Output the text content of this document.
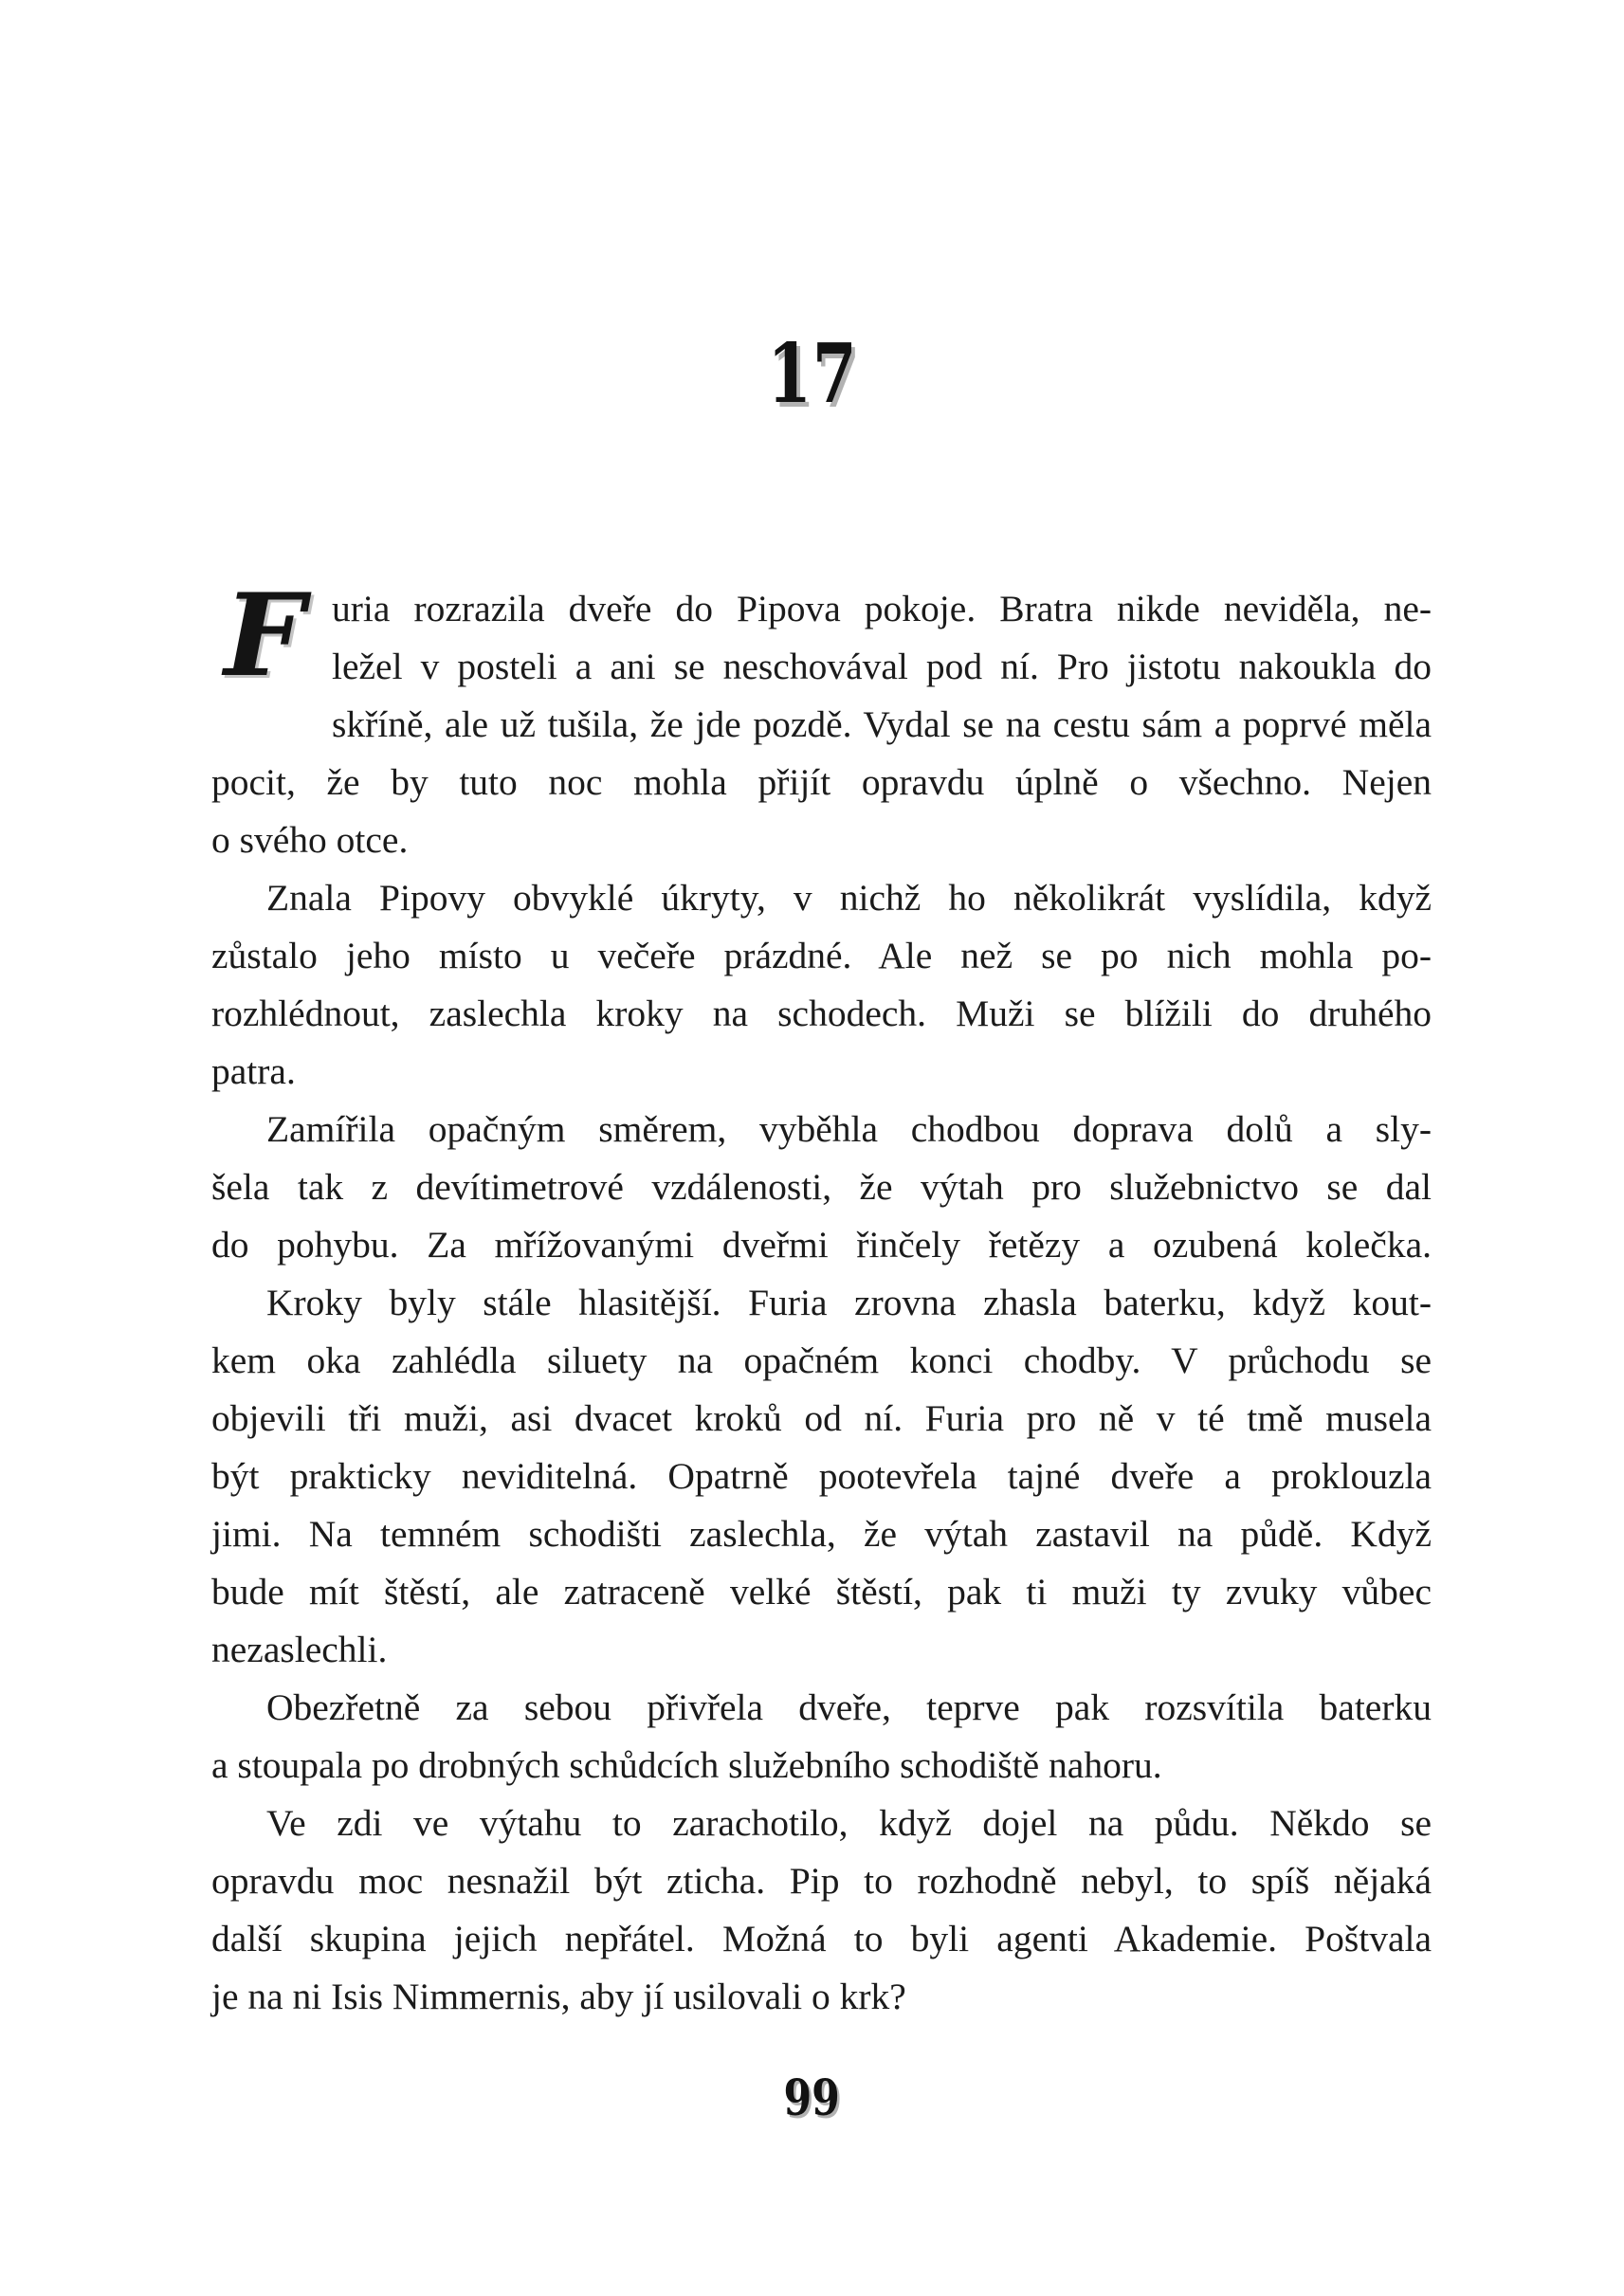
17
F uria rozrazila dveře do Pipova pokoje. Bratra nikde neviděla, ne-
ležel v posteli a ani se neschovával pod ní. Pro jistotu nakoukla do
skříně, ale už tušila, že jde pozdě. Vydal se na cestu sám a poprvé měla
pocit, že by tuto noc mohla přijít opravdu úplně o všechno. Nejen
o svého otce.
Znala Pipovy obvyklé úkryty, v nichž ho několikrát vyslídila, když
zůstalo jeho místo u večeře prázdné. Ale než se po nich mohla po-
rozhlédnout, zaslechla kroky na schodech. Muži se blížili do druhého
patra.
Zamířila opačným směrem, vyběhla chodbou doprava dolů a sly-
šela tak z devítimetrové vzdálenosti, že výtah pro služebnictvo se dal
do pohybu. Za mřížovanými dveřmi řinčely řetězy a ozubená kolečka.
Kroky byly stále hlasitější. Furia zrovna zhasla baterku, když kout-
kem oka zahlédla siluety na opačném konci chodby. V průchodu se
objevili tři muži, asi dvacet kroků od ní. Furia pro ně v té tmě musela
být prakticky neviditelná. Opatrně pootevřela tajné dveře a proklouzla
jimi. Na temném schodišti zaslechla, že výtah zastavil na půdě. Když
bude mít štěstí, ale zatraceně velké štěstí, pak ti muži ty zvuky vůbec
nezaslechli.
Obezřetně za sebou přivřela dveře, teprve pak rozsvítila baterku
a stoupala po drobných schůdcích služebního schodiště nahoru.
Ve zdi ve výtahu to zarachotilo, když dojel na půdu. Někdo se
opravdu moc nesnažil být zticha. Pip to rozhodně nebyl, to spíš nějaká
další skupina jejich nepřátel. Možná to byli agenti Akademie. Poštvala
je na ni Isis Nimmernis, aby jí usilovali o krk?
99
